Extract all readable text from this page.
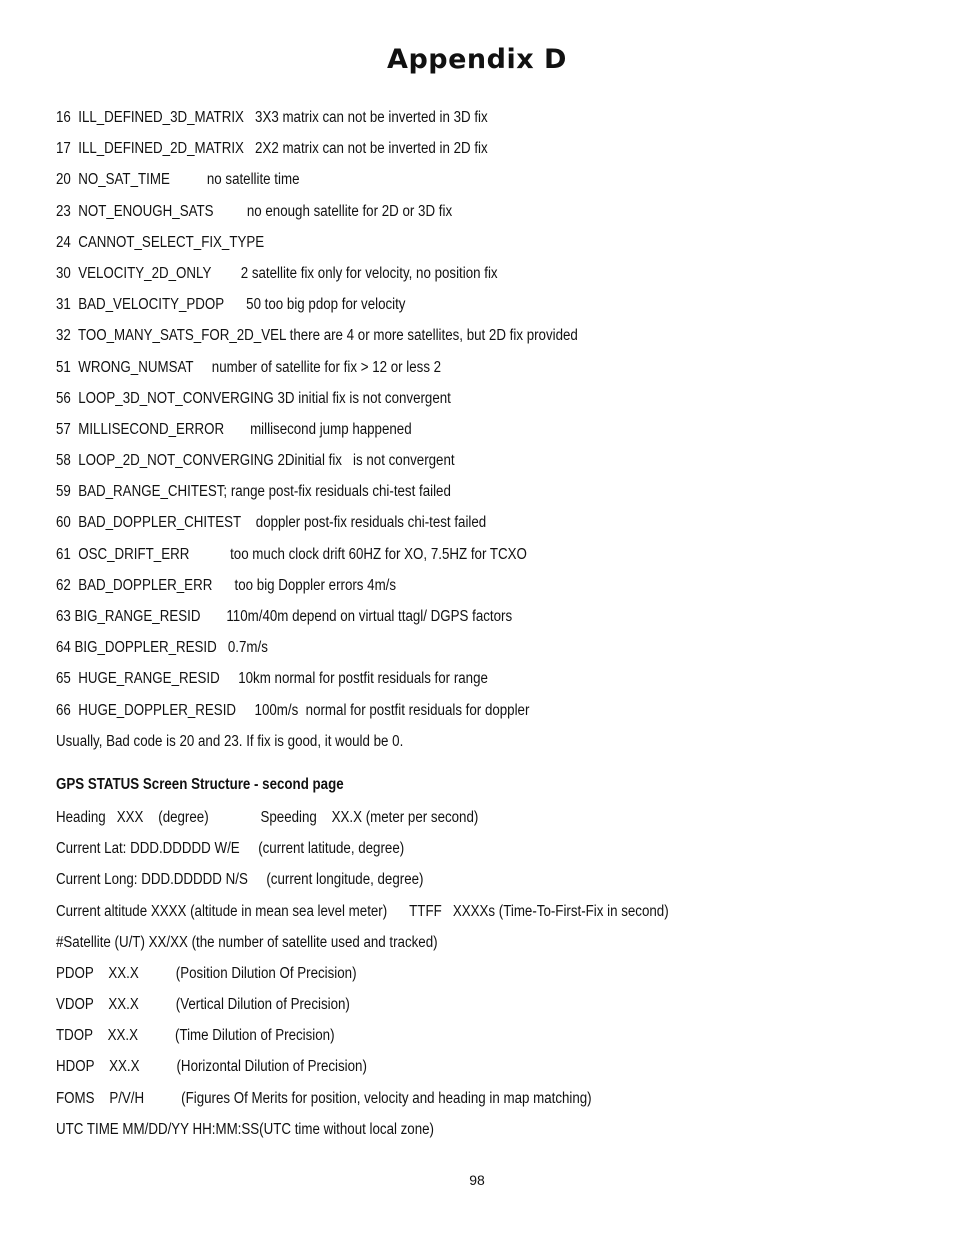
Appendix D
16  ILL_DEFINED_3D_MATRIX   3X3 matrix can not be inverted in 3D fix
17  ILL_DEFINED_2D_MATRIX   2X2 matrix can not be inverted in 2D fix
20  NO_SAT_TIME          no satellite time
23  NOT_ENOUGH_SATS         no enough satellite for 2D or 3D fix
24  CANNOT_SELECT_FIX_TYPE
30  VELOCITY_2D_ONLY        2 satellite fix only for velocity, no position fix
31  BAD_VELOCITY_PDOP      50 too big pdop for velocity
32  TOO_MANY_SATS_FOR_2D_VEL there are 4 or more satellites, but 2D fix provided
51  WRONG_NUMSAT     number of satellite for fix > 12 or less 2
56  LOOP_3D_NOT_CONVERGING 3D initial fix is not convergent
57  MILLISECOND_ERROR       millisecond jump happened
58  LOOP_2D_NOT_CONVERGING 2Dinitial fix   is not convergent
59  BAD_RANGE_CHITEST; range post-fix residuals chi-test failed
60  BAD_DOPPLER_CHITEST    doppler post-fix residuals chi-test failed
61  OSC_DRIFT_ERR           too much clock drift 60HZ for XO, 7.5HZ for TCXO
62  BAD_DOPPLER_ERR      too big Doppler errors 4m/s
63 BIG_RANGE_RESID       110m/40m depend on virtual ttagl/ DGPS factors
64 BIG_DOPPLER_RESID   0.7m/s
65  HUGE_RANGE_RESID     10km normal for postfit residuals for range
66  HUGE_DOPPLER_RESID     100m/s  normal for postfit residuals for doppler
Usually, Bad code is 20 and 23. If fix is good, it would be 0.
GPS STATUS Screen Structure - second page
Heading   XXX    (degree)              Speeding    XX.X (meter per second)
Current Lat: DDD.DDDDD W/E     (current latitude, degree)
Current Long: DDD.DDDDD N/S     (current longitude, degree)
Current altitude XXXX (altitude in mean sea level meter)      TTFF   XXXXs (Time-To-First-Fix in second)
#Satellite (U/T) XX/XX (the number of satellite used and tracked)
PDOP    XX.X          (Position Dilution Of Precision)
VDOP    XX.X          (Vertical Dilution of Precision)
TDOP    XX.X          (Time Dilution of Precision)
HDOP    XX.X          (Horizontal Dilution of Precision)
FOMS    P/V/H          (Figures Of Merits for position, velocity and heading in map matching)
UTC TIME MM/DD/YY HH:MM:SS(UTC time without local zone)
98
